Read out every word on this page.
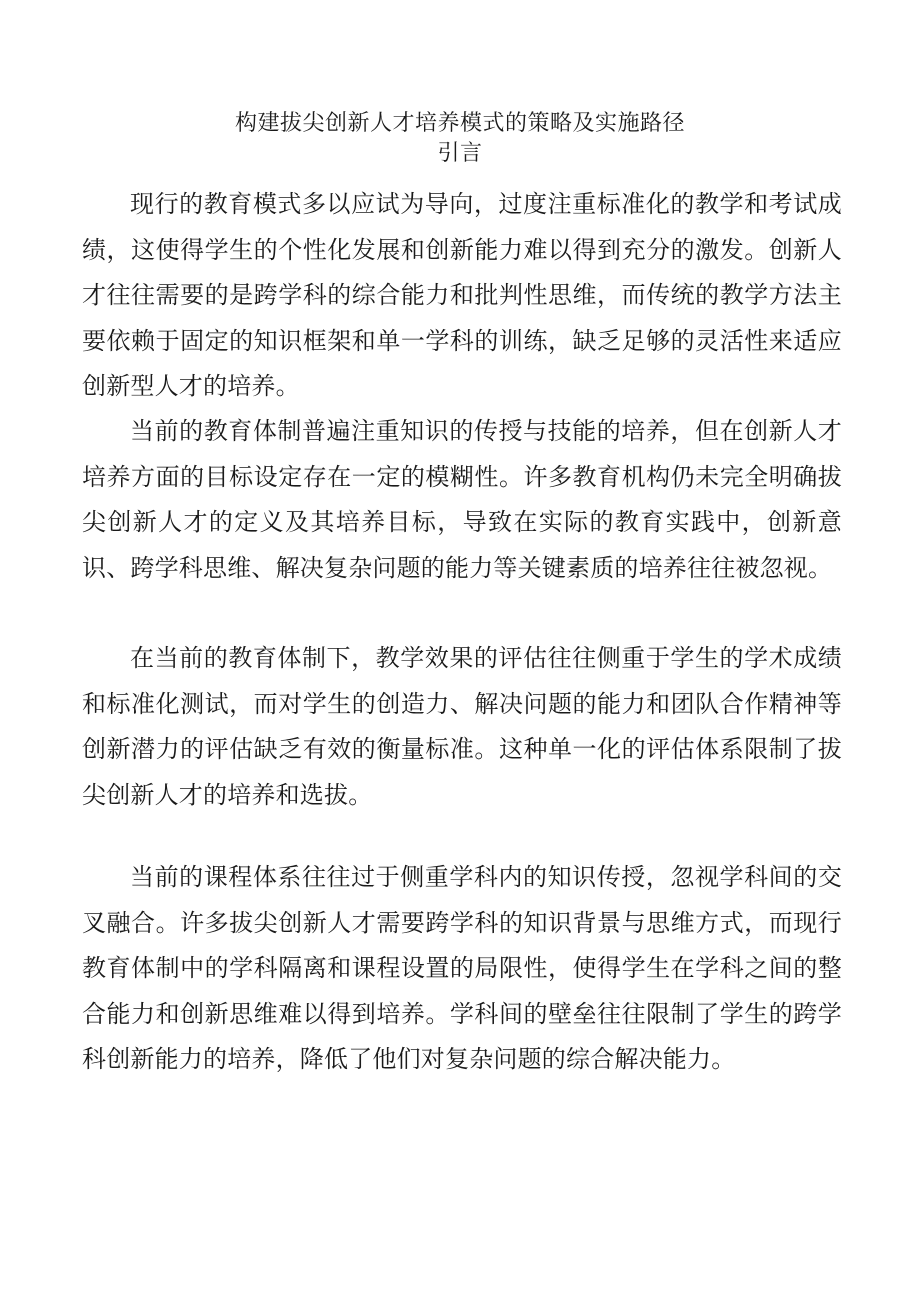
构建拔尖创新人才培养模式的策略及实施路径
引言

现行的教育模式多以应试为导向，过度注重标准化的教学和考试成绩，这使得学生的个性化发展和创新能力难以得到充分的激发。创新人才往往需要的是跨学科的综合能力和批判性思维，而传统的教学方法主要依赖于固定的知识框架和单一学科的训练，缺乏足够的灵活性来适应创新型人才的培养。

当前的教育体制普遍注重知识的传授与技能的培养，但在创新人才培养方面的目标设定存在一定的模糊性。许多教育机构仍未完全明确拔尖创新人才的定义及其培养目标，导致在实际的教育实践中，创新意识、跨学科思维、解决复杂问题的能力等关键素质的培养往往被忽视。

在当前的教育体制下，教学效果的评估往往侧重于学生的学术成绩和标准化测试，而对学生的创造力、解决问题的能力和团队合作精神等创新潜力的评估缺乏有效的衡量标准。这种单一化的评估体系限制了拔尖创新人才的培养和选拔。

当前的课程体系往往过于侧重学科内的知识传授，忽视学科间的交叉融合。许多拔尖创新人才需要跨学科的知识背景与思维方式，而现行教育体制中的学科隔离和课程设置的局限性，使得学生在学科之间的整合能力和创新思维难以得到培养。学科间的壁垒往往限制了学生的跨学科创新能力的培养，降低了他们对复杂问题的综合解决能力。
